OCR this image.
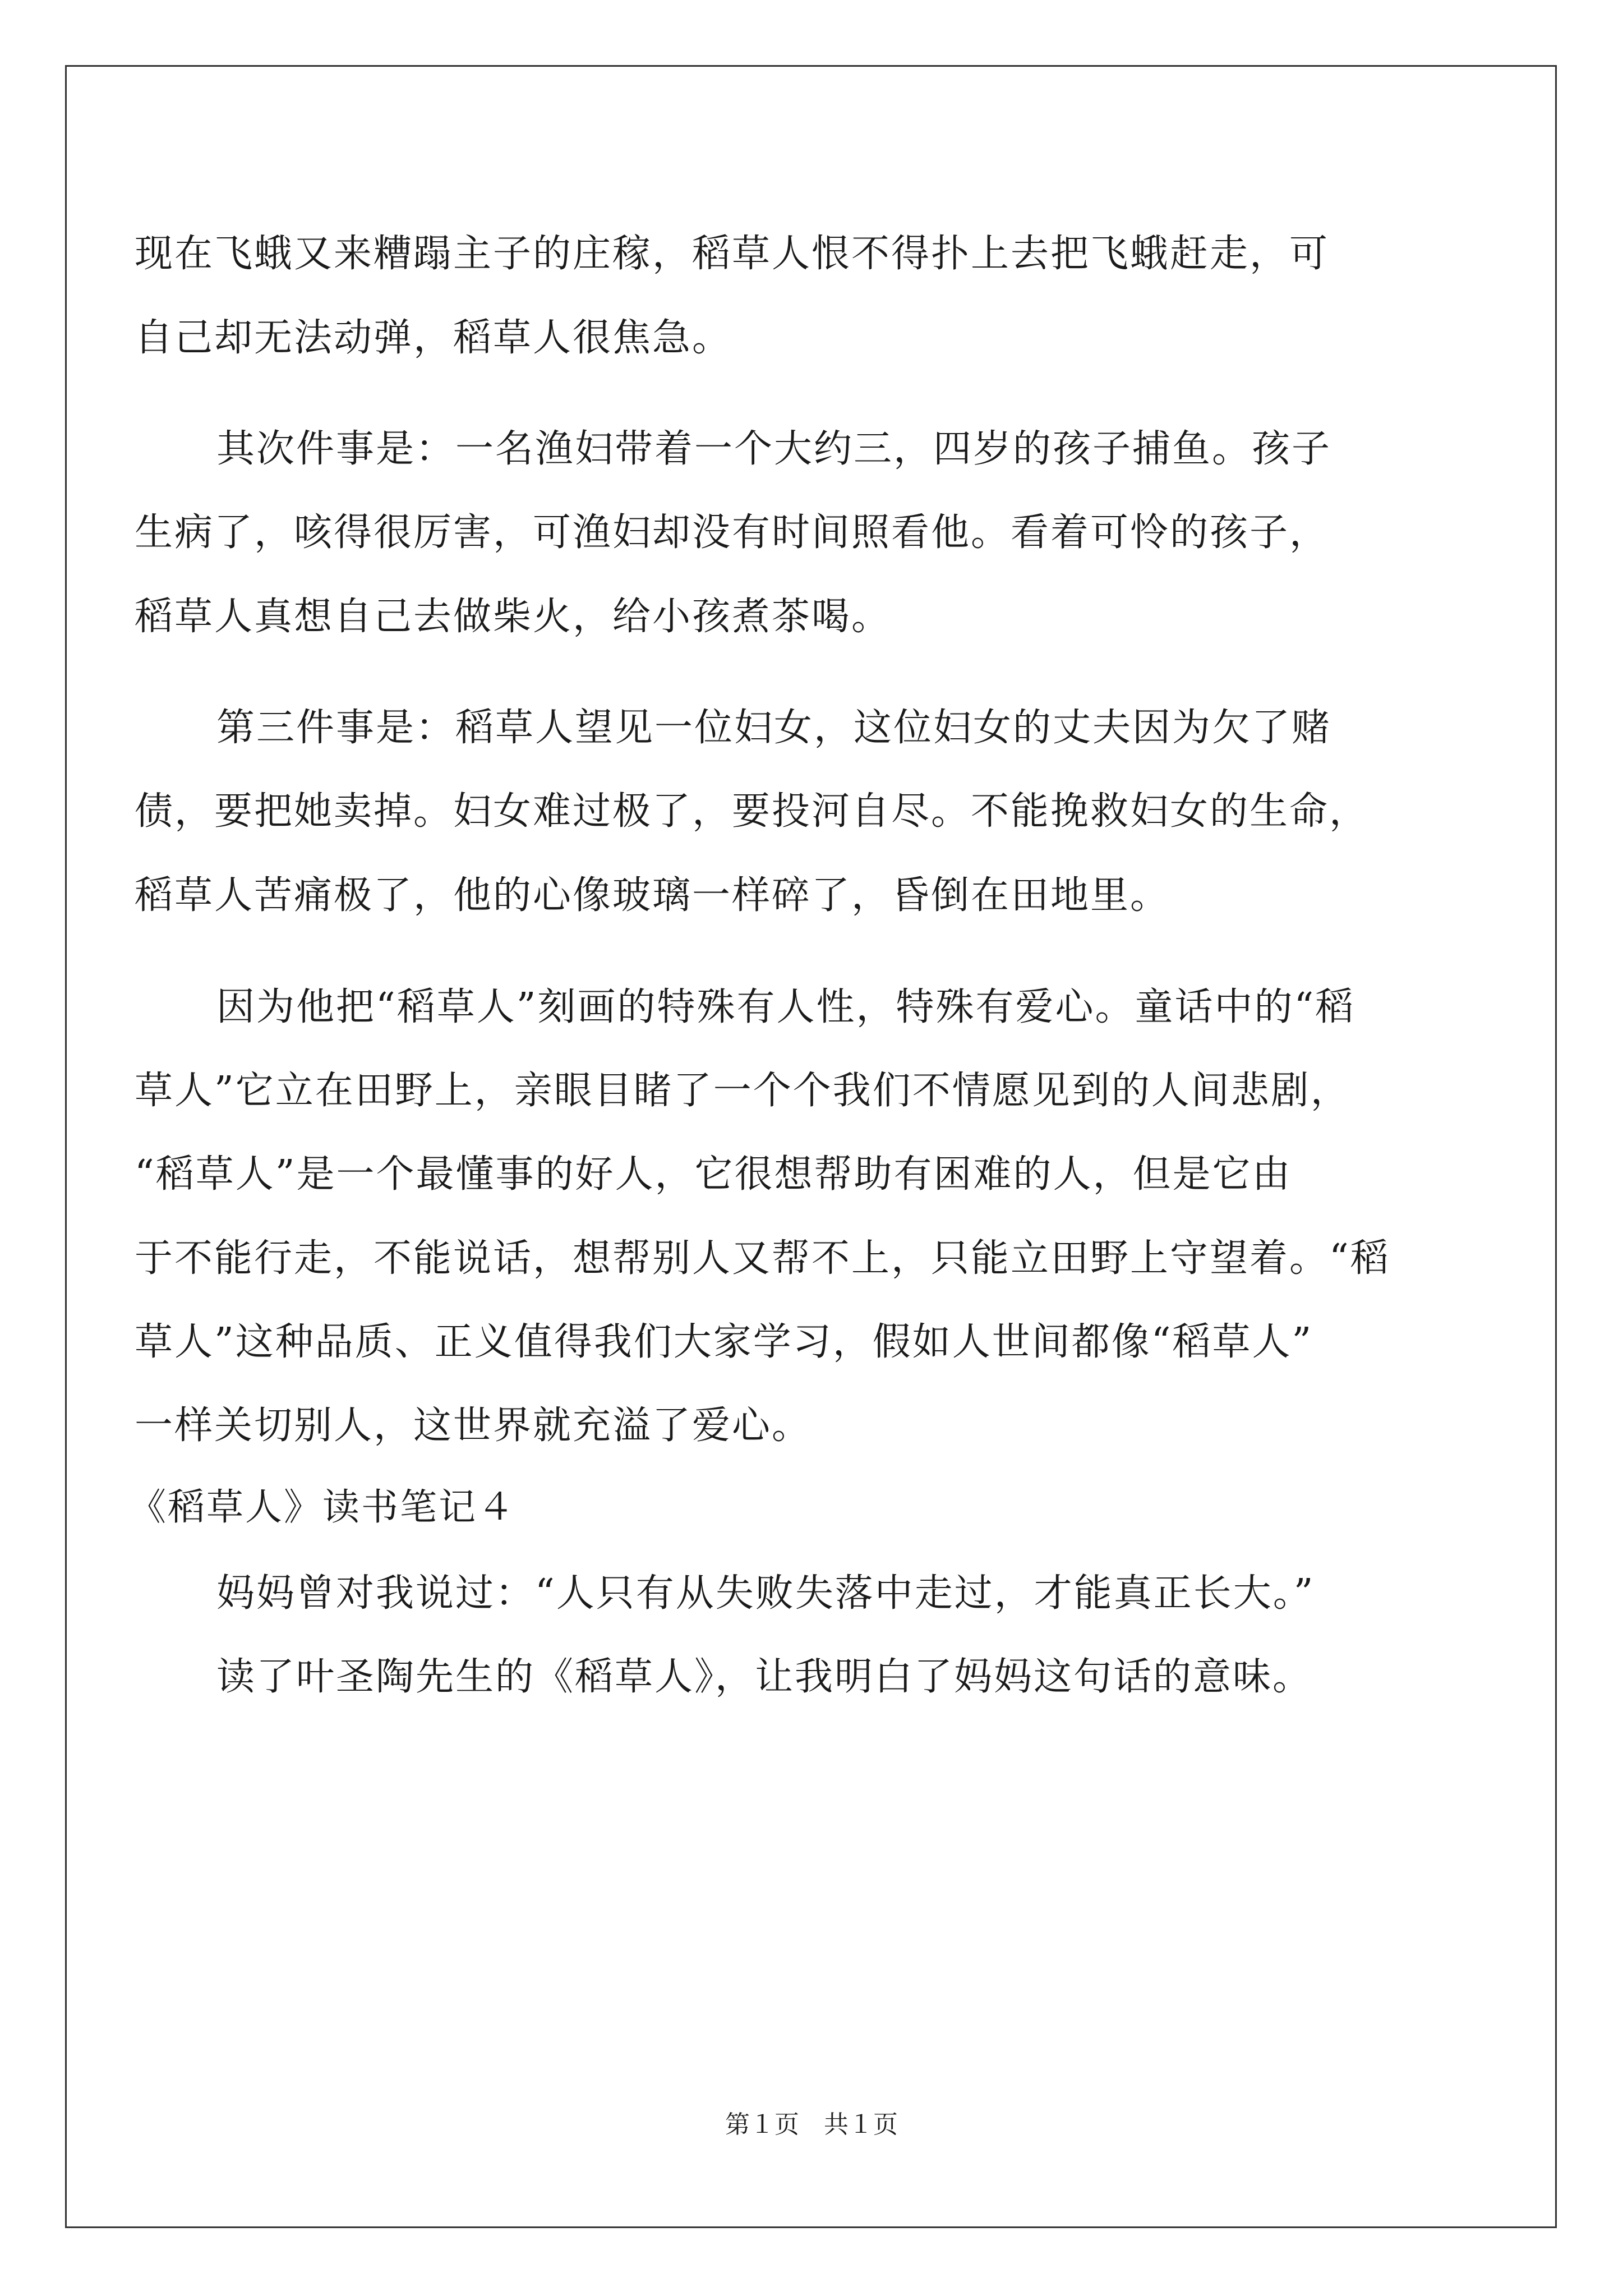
现在飞蛾又来糟蹋主子的庄稼，稻草人恨不得扑上去把飞蛾赶走，可
自己却无法动弹，稻草人很焦急。
其次件事是：一名渔妇带着一个大约三，四岁的孩子捕鱼。孩子
生病了，咳得很厉害，可渔妇却没有时间照看他。看着可怜的孩子，
稻草人真想自己去做柴火，给小孩煮茶喝。
第三件事是：稻草人望见一位妇女，这位妇女的丈夫因为欠了赌
债，要把她卖掉。妇女难过极了，要投河自尽。不能挽救妇女的生命，
稻草人苦痛极了，他的心像玻璃一样碎了，昏倒在田地里。
因为他把“稻草人”刻画的特殊有人性，特殊有爱心。童话中的“稻
草人”它立在田野上，亲眼目睹了一个个我们不情愿见到的人间悲剧，
“稻草人”是一个最懂事的好人，它很想帮助有困难的人，但是它由
于不能行走，不能说话，想帮别人又帮不上，只能立田野上守望着。“稻
草人”这种品质、正义值得我们大家学习，假如人世间都像“稻草人”
一样关切别人，这世界就充溢了爱心。
《稻草人》读书笔记４
妈妈曾对我说过：“人只有从失败失落中走过，才能真正长大。”
读了叶圣陶先生的《稻草人》，让我明白了妈妈这句话的意味。
第１页　共１页
